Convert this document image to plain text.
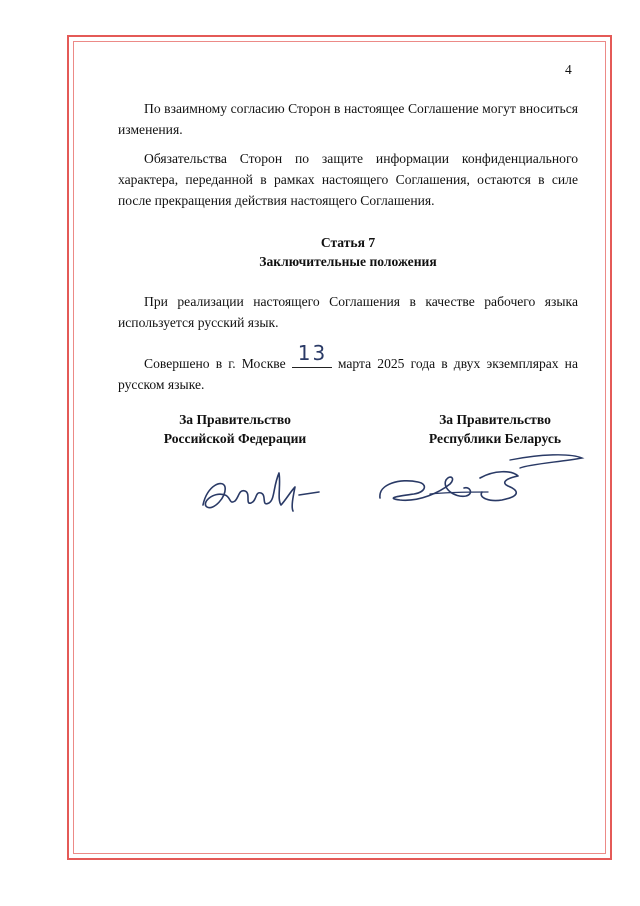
4

По взаимному согласию Сторон в настоящее Соглашение могут вноситься изменения.

Обязательства Сторон по защите информации конфиденциального характера, переданной в рамках настоящего Соглашения, остаются в силе после прекращения действия настоящего Соглашения.

Статья 7
Заключительные положения

При реализации настоящего Соглашения в качестве рабочего языка используется русский язык.

Совершено в г. Москве 13 марта 2025 года в двух экземплярах на русском языке.

За Правительство
Российской Федерации
За Правительство
Республики Беларусь
